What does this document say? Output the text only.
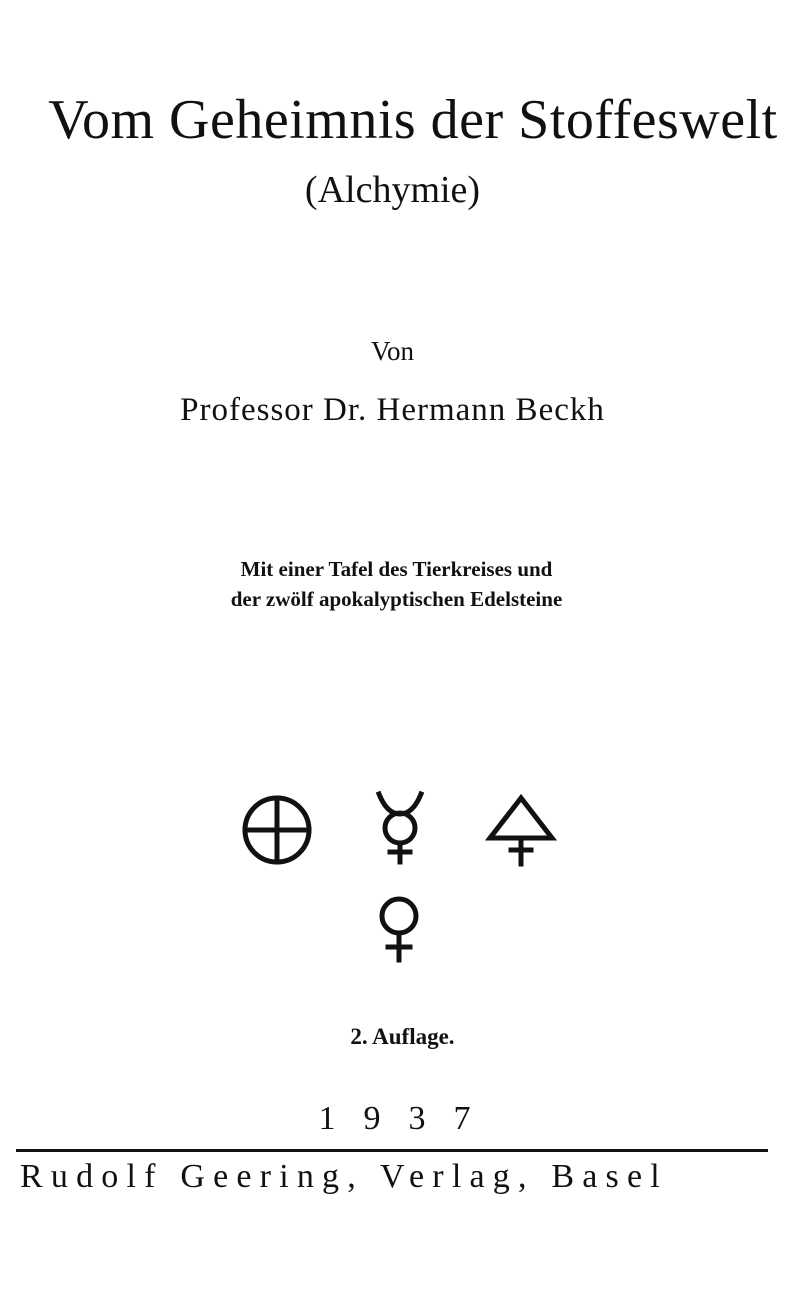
Vom Geheimnis der Stoffeswelt
(Alchymie)
Von
Professor Dr. Hermann Beckh
Mit einer Tafel des Tierkreises und
der zwölf apokalyptischen Edelsteine
2. Auflage.
1937
Rudolf Geering, Verlag, Basel
